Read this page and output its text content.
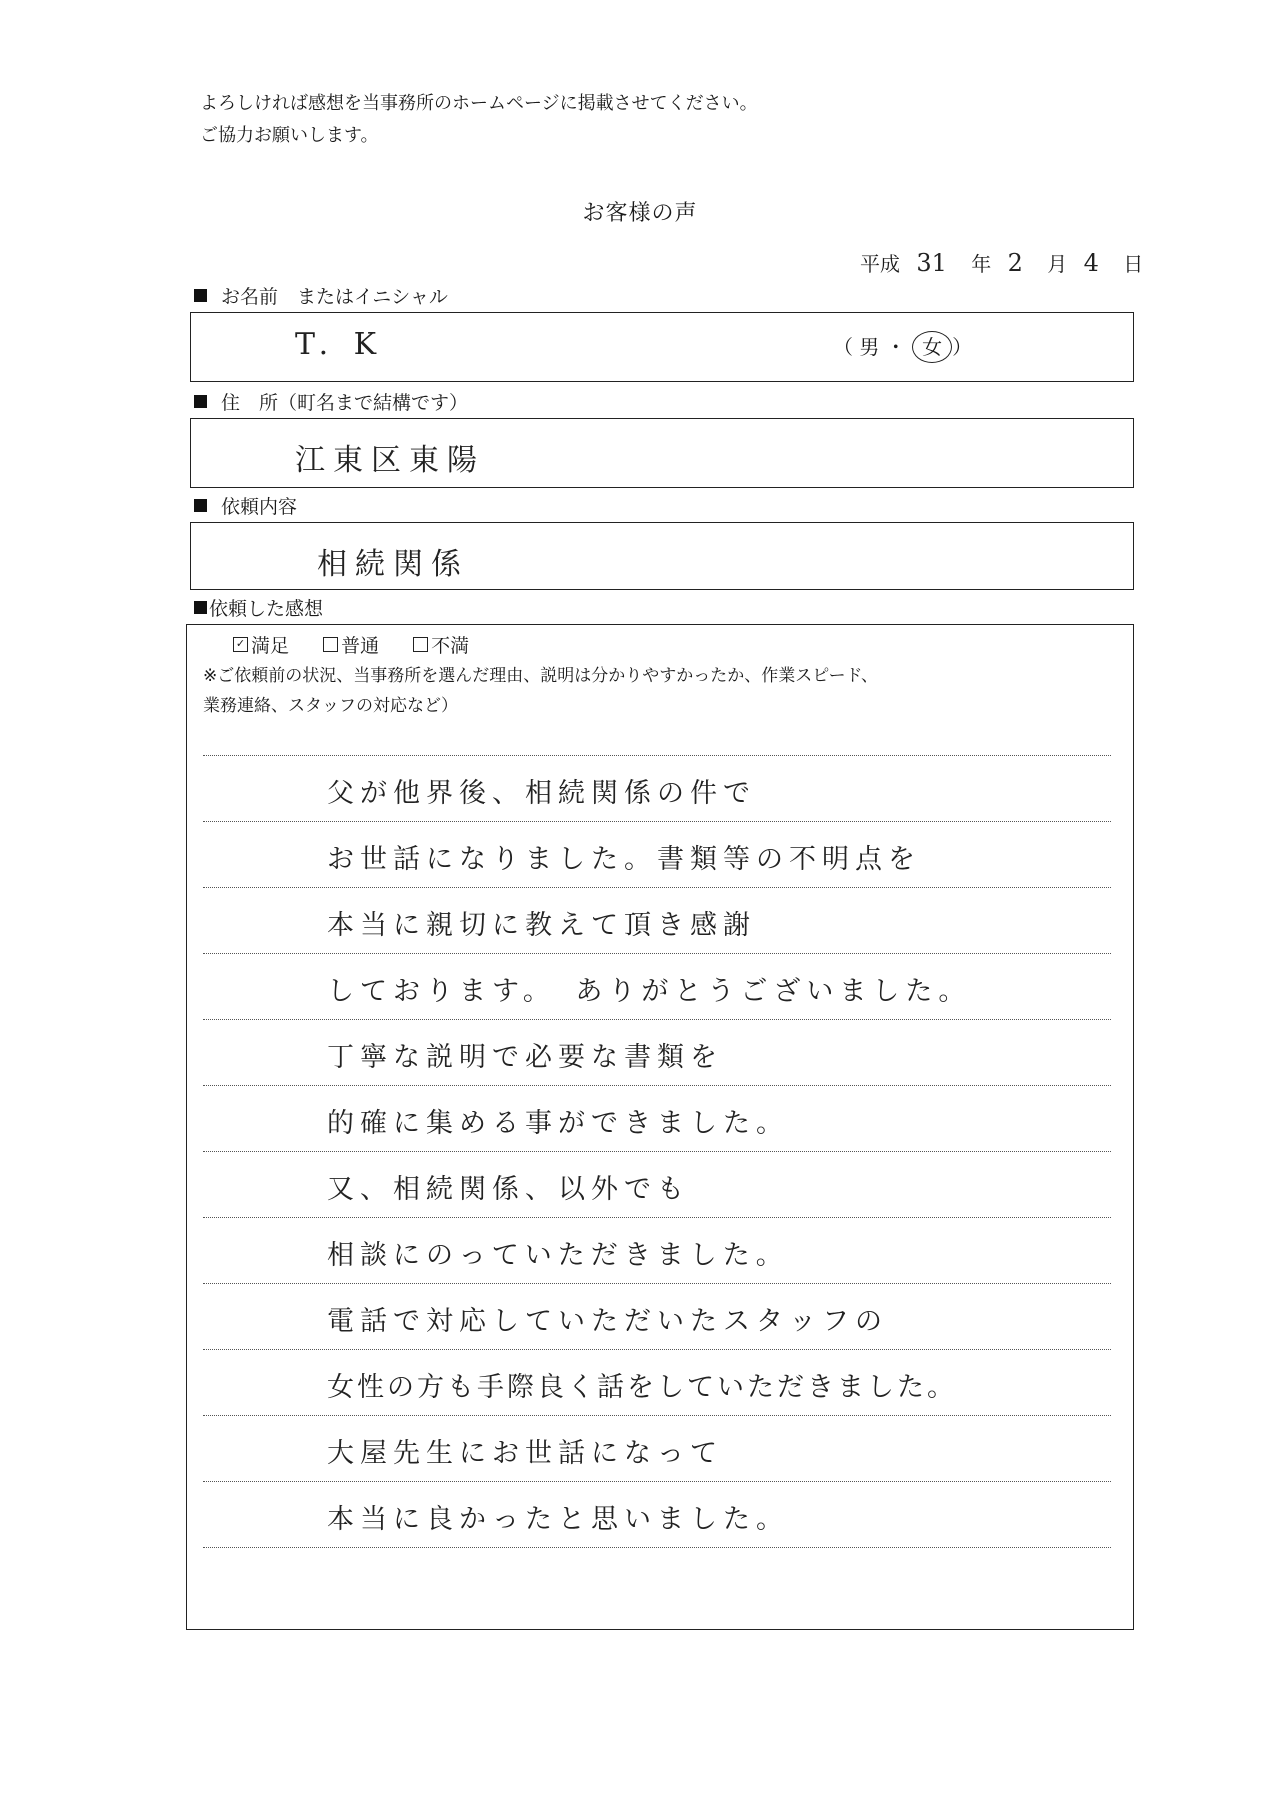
よろしければ感想を当事務所のホームページに掲載させてください。
ご協力お願いします。
お客様の声
平成 31 年 2 月 4 日
お名前　またはイニシャル
T. K	（ 男 ・ 女 ）
住　所（町名まで結構です）
江東区東陽
依頼内容
相続関係
依頼した感想
✓ 満足	普通	不満
※ご依頼前の状況、当事務所を選んだ理由、説明は分かりやすかったか、作業スピード、
業務連絡、スタッフの対応など）
父が他界後、相続関係の件で
お世話になりました。書類等の不明点を
本当に親切に教えて頂き感謝
しております。　ありがとうございました。
丁寧な説明で必要な書類を
的確に集める事ができました。
又、相続関係、以外でも
相談にのっていただきました。
電話で対応していただいたスタッフの
女性の方も手際良く話をしていただきました。
大屋先生にお世話になって
本当に良かったと思いました。
